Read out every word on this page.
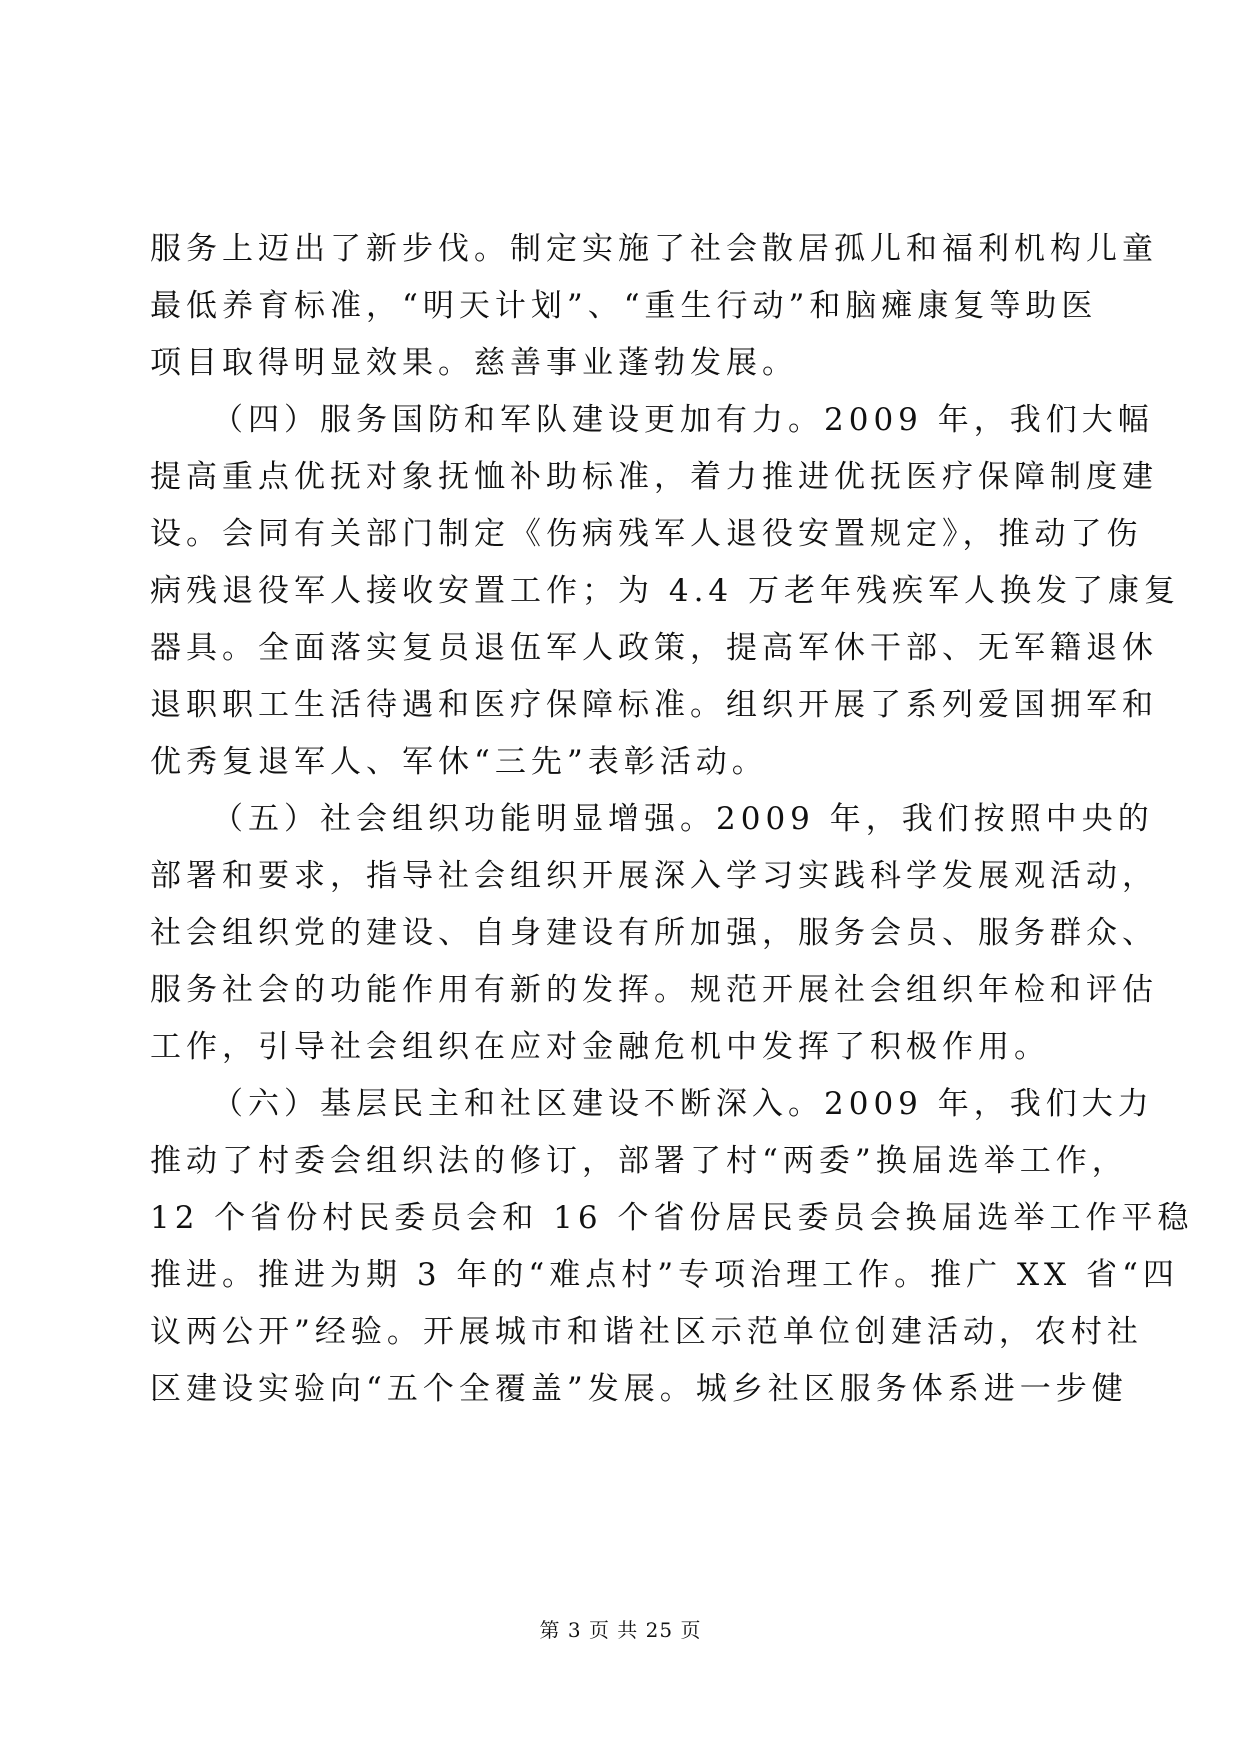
服务上迈出了新步伐。制定实施了社会散居孤儿和福利机构儿童
最低养育标准，“明天计划”、“重生行动”和脑瘫康复等助医
项目取得明显效果。慈善事业蓬勃发展。
（四）服务国防和军队建设更加有力。2009 年，我们大幅
提高重点优抚对象抚恤补助标准，着力推进优抚医疗保障制度建
设。会同有关部门制定《伤病残军人退役安置规定》，推动了伤
病残退役军人接收安置工作；为 4.4 万老年残疾军人换发了康复
器具。全面落实复员退伍军人政策，提高军休干部、无军籍退休
退职职工生活待遇和医疗保障标准。组织开展了系列爱国拥军和
优秀复退军人、军休“三先”表彰活动。
（五）社会组织功能明显增强。2009 年，我们按照中央的
部署和要求，指导社会组织开展深入学习实践科学发展观活动，
社会组织党的建设、自身建设有所加强，服务会员、服务群众、
服务社会的功能作用有新的发挥。规范开展社会组织年检和评估
工作，引导社会组织在应对金融危机中发挥了积极作用。
（六）基层民主和社区建设不断深入。2009 年，我们大力
推动了村委会组织法的修订，部署了村“两委”换届选举工作，
12 个省份村民委员会和 16 个省份居民委员会换届选举工作平稳
推进。推进为期 3 年的“难点村”专项治理工作。推广 XX 省“四
议两公开”经验。开展城市和谐社区示范单位创建活动，农村社
区建设实验向“五个全覆盖”发展。城乡社区服务体系进一步健
第 3 页 共 25 页
